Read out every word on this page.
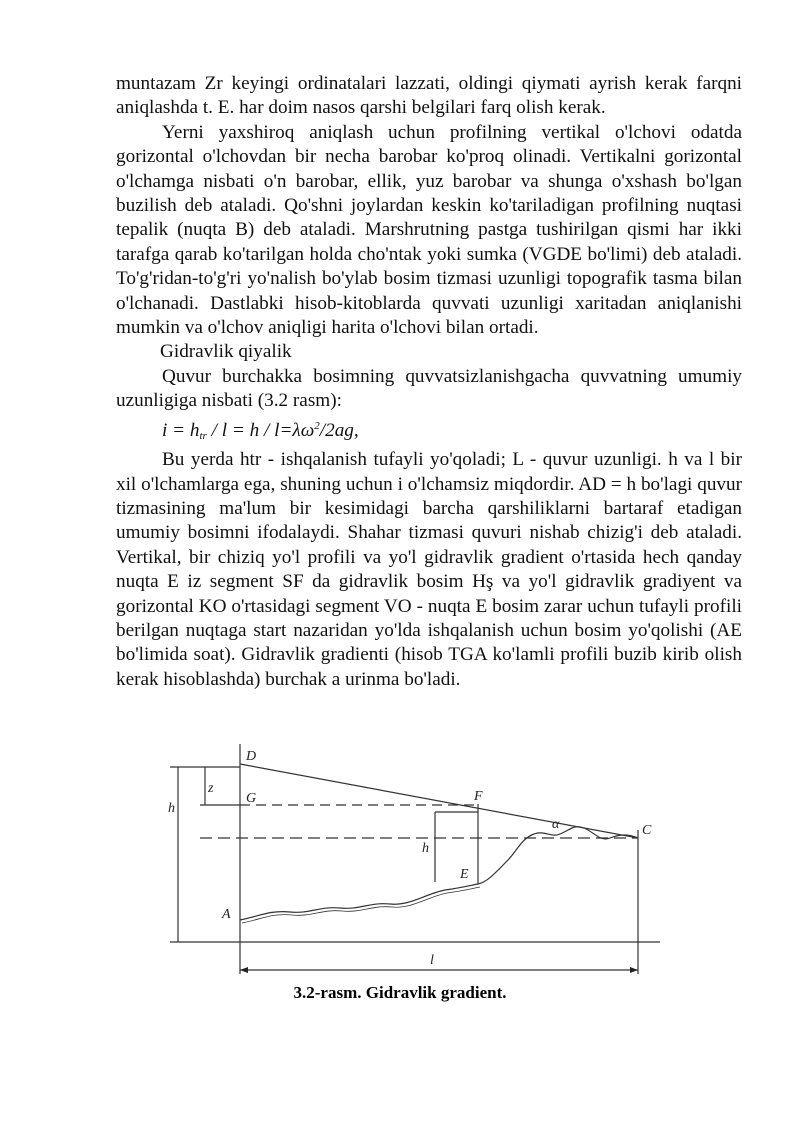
muntazam Zr keyingi ordinatalari lazzati, oldingi qiymati ayrish kerak farqni aniqlashda t. E. har doim nasos qarshi belgilari farq olish kerak.

Yerni yaxshiroq aniqlash uchun profilning vertikal o'lchovi odatda gorizontal o'lchovdan bir necha barobar ko'proq olinadi. Vertikalni gorizontal o'lchamga nisbati o'n barobar, ellik, yuz barobar va shunga o'xshash bo'lgan buzilish deb ataladi. Qo'shni joylardan keskin ko'tariladigan profilning nuqtasi tepalik (nuqta B) deb ataladi. Marshrutning pastga tushirilgan qismi har ikki tarafga qarab ko'tarilgan holda cho'ntak yoki sumka (VGDE bo'limi) deb ataladi. To'g'ridan-to'g'ri yo'nalish bo'ylab bosim tizmasi uzunligi topografik tasma bilan o'lchanadi. Dastlabki hisob-kitoblarda quvvati uzunligi xaritadan aniqlanishi mumkin va o'lchov aniqligi harita o'lchovi bilan ortadi.

Gidravlik qiyalik

Quvur burchakka bosimning quvvatsizlanishgacha quvvatning umumiy uzunligiga nisbati (3.2 rasm):

$i = h_{tr} / l = h / l=\lambda\omega^2/2ag$,

Bu yerda htr - ishqalanish tufayli yo'qoladi; L - quvur uzunligi. h va l bir xil o'lchamlarga ega, shuning uchun i o'lchamsiz miqdordir. AD = h bo'lagi quvur tizmasining ma'lum bir kesimidagi barcha qarshiliklarni bartaraf etadigan umumiy bosimni ifodalaydi. Shahar tizmasi quvuri nishab chizig'i deb ataladi. Vertikal, bir chiziq yo'l profili va yo'l gidravlik gradient o'rtasida hech qanday nuqta E iz segment SF da gidravlik bosim Hş va yo'l gidravlik gradiyent va gorizontal KO o'rtasidagi segment VO - nuqta E bosim zarar uchun tufayli profili berilgan nuqtaga start nazaridan yo'lda ishqalanish uchun bosim yo'qolishi (AE bo'limida soat). Gidravlik gradienti (hisob TGA ko'lamli profili buzib kirib olish kerak hisoblashda) burchak a urinma bo'ladi.

D
G	F
C
E
A
h
z
h
α
l
3.2-rasm. Gidravlik gradient.
